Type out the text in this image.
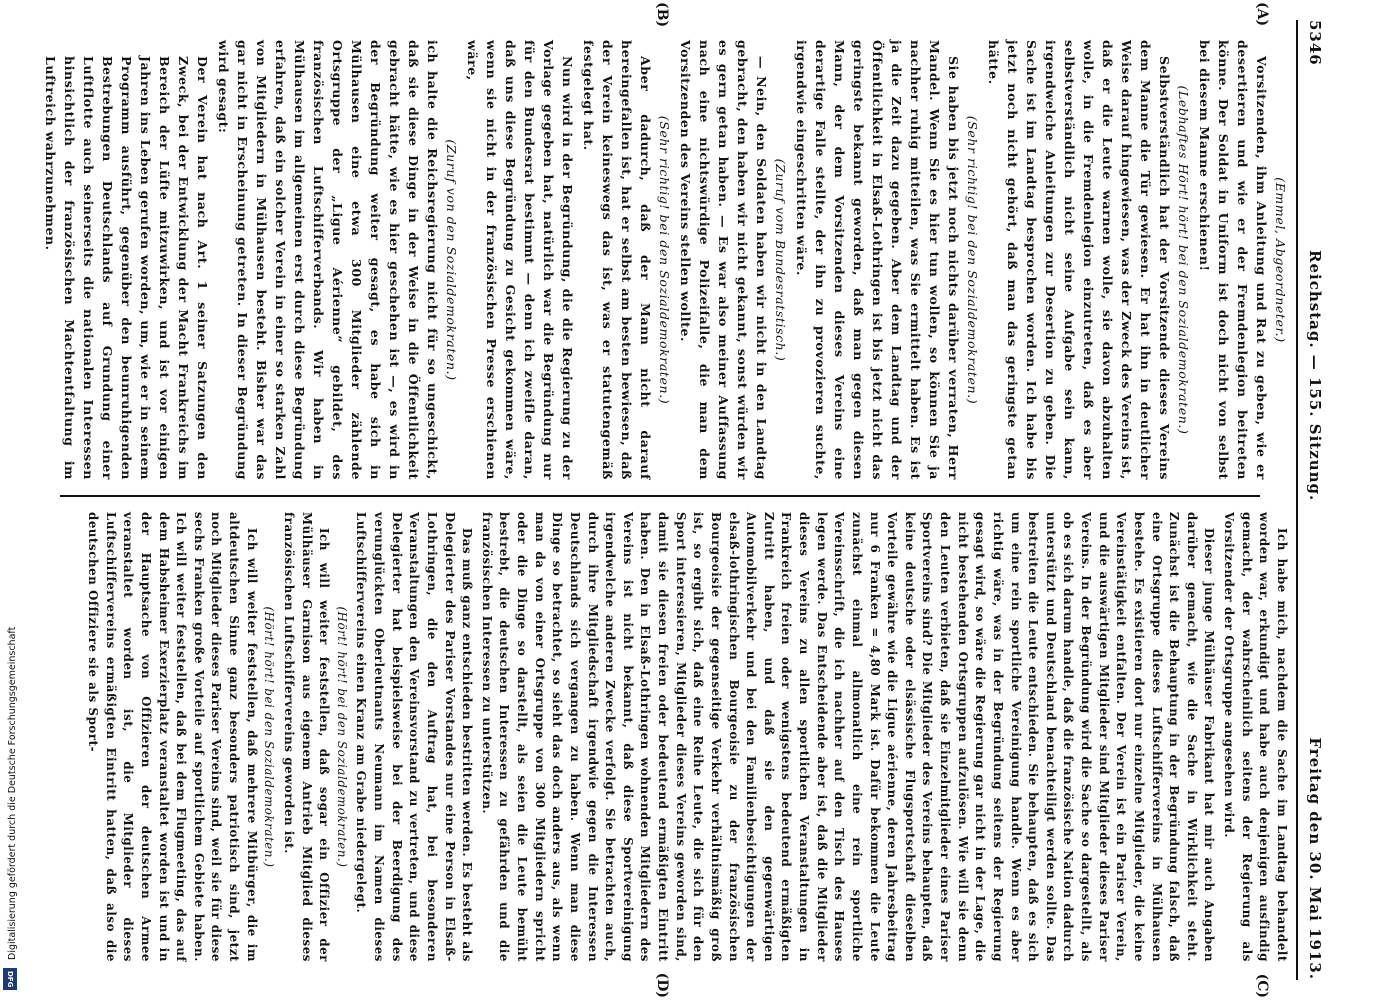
Digitalisierung gefördert durch die Deutsche Forschungsgemeinschaft
DFG
5346
Reichstag. — 155. Sitzung.
Freitag den 30. Mai 1913.
(A)
(B)
(C)
(D)
(Emmel, Abgeordneter.)

Vorsitzenden, ihm Anleitung und Rat zu geben, wie er desertieren und wie er der Fremdenlegion beitreten könne. Der Soldat in Uniform ist doch nicht von selbst bei diesem Manne erschienen!

(Lebhaftes Hört! hört! bei den Sozialdemokraten.)

Selbstverständlich hat der Vorsitzende dieses Vereins dem Manne die Tür gewiesen. Er hat ihn in deutlicher Weise darauf hingewiesen, was der Zweck des Vereins ist, daß er die Leute warnen wolle, sie davon abzuhalten wolle, in die Fremdenlegion einzutreten, daß es aber selbstverständlich nicht seine Aufgabe sein kann, irgendwelche Anleitungen zur Desertion zu geben. Die Sache ist im Landtag besprochen worden. Ich habe bis jetzt noch nicht gehört, daß man das geringste getan hätte.

(Sehr richtig! bei den Sozialdemokraten.)

Sie haben bis jetzt noch nichts darüber verraten, Herr Mandel. Wenn Sie es hier tun wollen, so können Sie ja nachher ruhig mitteilen, was Sie ermittelt haben. Es ist ja die Zeit dazu gegeben. Aber dem Landtag und der Öffentlichkeit in Elsaß-Lothringen ist bis jetzt nicht das geringste bekannt geworden, daß man gegen diesen Mann, der dem Vorsitzenden dieses Vereins eine derartige Falle stellte, der ihn zu provozieren suchte, irgendwie eingeschritten wäre.

(Zuruf vom Bundesratstisch.)

— Nein, den Soldaten haben wir nicht in den Landtag gebracht, den haben wir nicht gekannt, sonst würden wir es gern getan haben. — Es war also meiner Auffassung nach eine nichtswürdige Polizeifalle, die man dem Vorsitzenden des Vereins stellen wollte.

(Sehr richtig! bei den Sozialdemokraten.)

Aber dadurch, daß der Mann nicht darauf hereingefallen ist, hat er selbst am besten bewiesen, daß der Verein keineswegs das ist, was er statutengemäß festgelegt hat.

Nun wird in der Begründung, die die Regierung zu der Vorlage gegeben hat, natürlich war die Begründung nur für den Bundesrat bestimmt — denn ich zweifle daran, daß uns diese Begründung zu Gesicht gekommen wäre, wenn sie nicht in der französischen Presse erschienen wäre,

(Zuruf von den Sozialdemokraten.)

ich halte die Reichsregierung nicht für so ungeschickt, daß sie diese Dinge in der Weise in die Öffentlichkeit gebracht hätte, wie es hier geschehen ist —, es wird in der Begründung weiter gesagt, es habe sich in Mülhausen eine etwa 300 Mitglieder zählende Ortsgruppe der „Ligue Aérienne“ gebildet, des französischen Luftschifferverbands. Wir haben in Mülhausen im allgemeinen erst durch diese Begründung erfahren, daß ein solcher Verein in einer so starken Zahl von Mitgliedern in Mülhausen besteht. Bisher war das gar nicht in Erscheinung getreten. In dieser Begründung wird gesagt:

Der Verein hat nach Art. 1 seiner Satzungen den Zweck, bei der Entwicklung der Macht Frankreichs im Bereich der Lüfte mitzuwirken, und ist vor einigen Jahren ins Leben gerufen worden, um, wie er in seinem Programm ausführt, gegenüber den beunruhigenden Bestrebungen Deutschlands auf Grundung einer Luftflotte auch seinerseits die nationalen Interessen hinsichtlich der französischen Machtentfaltung im Luftreich wahrzunehmen.

Ich habe mich, nachdem die Sache im Landtag behandelt worden war, erkundigt und habe auch denjenigen ausfindig gemacht, der wahrscheinlich seitens der Regierung als Vorsitzender der Ortsgruppe angesehen wird.

Dieser junge Mülhäuser Fabrikant hat mir auch Angaben darüber gemacht, wie die Sache in Wirklichkeit steht. Zunächst ist die Behauptung in der Begründung falsch, daß eine Ortsgruppe dieses Luftschiffervereins in Mülhausen bestehe. Es existieren dort nur einzelne Mitglieder, die keine Vereinstätigkeit entfalten. Der Verein ist ein Pariser Verein, und die auswärtigen Mitglieder sind Mitglieder dieses Pariser Vereins. In der Begründung wird die Sache so dargestellt, als ob es sich darum handle, daß die französische Nation dadurch unterstützt und Deutschland benachteiligt werden sollte. Das bestreiten die Leute entschieden. Sie behaupten, daß es sich um eine rein sportliche Vereinigung handle. Wenn es aber richtig wäre, was in der Begründung seitens der Regierung gesagt wird, so wäre die Regierung gar nicht in der Lage, die nicht bestehenden Ortsgruppen aufzulösen. Wie will sie denn den Leuten verbieten, daß sie Einzelmitglieder eines Pariser Sportvereins sind? Die Mitglieder des Vereins behaupten, daß keine deutsche oder elsässische Flugsportschaft dieselben Vorteile gewähre wie die Ligue aérienne, deren Jahresbeitrag nur 6 Franken = 4,80 Mark ist. Dafür bekommen die Leute zunächst einmal allmonatlich eine rein sportliche Vereinsschrift, die ich nachher auf den Tisch des Hauses legen werde. Das Entscheidende aber ist, daß die Mitglieder dieses Vereins zu allen sportlichen Veranstaltungen in Frankreich freien oder wenigstens bedeutend ermäßigten Zutritt haben, und daß sie den gegenwärtigen Automobilverkehr und bei den Familienbesichtigungen der elsaß-lothringischen Bourgeoisie zu der französischen Bourgeoisie der gegenseitige Verkehr verhältnismäßig groß ist, so ergibt sich, daß eine Reihe Leute, die sich für den Sport interessieren, Mitglieder dieses Vereins geworden sind, damit sie diesen freien oder bedeutend ermäßigten Eintritt haben. Den in Elsaß-Lothringen wohnenden Mitgliedern des Vereins ist nicht bekannt, daß diese Sportvereinigung irgendwelche anderen Zwecke verfolgt. Sie betrachten auch, durch ihre Mitgliedschaft irgendwie gegen die Interessen Deutschlands sich vergangen zu haben. Wenn man diese Dinge so betrachtet, so sieht das doch anders aus, als wenn man da von einer Ortsgruppe von 300 Mitgliedern spricht oder die Dinge so darstellt, als seien die Leute bemüht bestrebt, die deutschen Interessen zu gefährden und die französischen Interessen zu unterstützen.

Das muß ganz entschieden bestritten werden. Es besteht als Delegierter des Pariser Vorstandes nur eine Person in Elsaß-Lothringen, die den Auftrag hat, bei besonderen Veranstaltungen den Vereinsvorstand zu vertreten, und diese Delegierter hat beispielsweise bei der Beerdigung des verunglückten Oberleutnants Neumann im Namen dieses Luftschiffervereins einen Kranz am Grabe niedergelegt.

(Hört! hört! bei den Sozialdemokraten.)

Ich will weiter feststellen, daß sogar ein Offizier der Mülhäuser Garnison aus eigenem Antrieb Mitglied dieses französischen Luftschiffervereins geworden ist.

(Hört! hört! bei den Sozialdemokraten.)

Ich will weiter feststellen, daß mehrere Mitbürger, die im altdeutschen Sinne ganz besonders patriotisch sind, jetzt noch Mitglieder dieses Pariser Vereins sind, weil sie für diese sechs Franken große Vorteile auf sportlichem Gebiete haben. Ich will weiter feststellen, daß bei dem Flugmeeting, das auf dem Habsheimer Exerzierplatz veranstaltet worden ist und in der Hauptsache von Offizieren der deutschen Armee veranstaltet worden ist, die Mitglieder dieses Luftschiffervereins ermäßigten Eintritt hatten, daß also die deutschen Offiziere sie als Sport-
